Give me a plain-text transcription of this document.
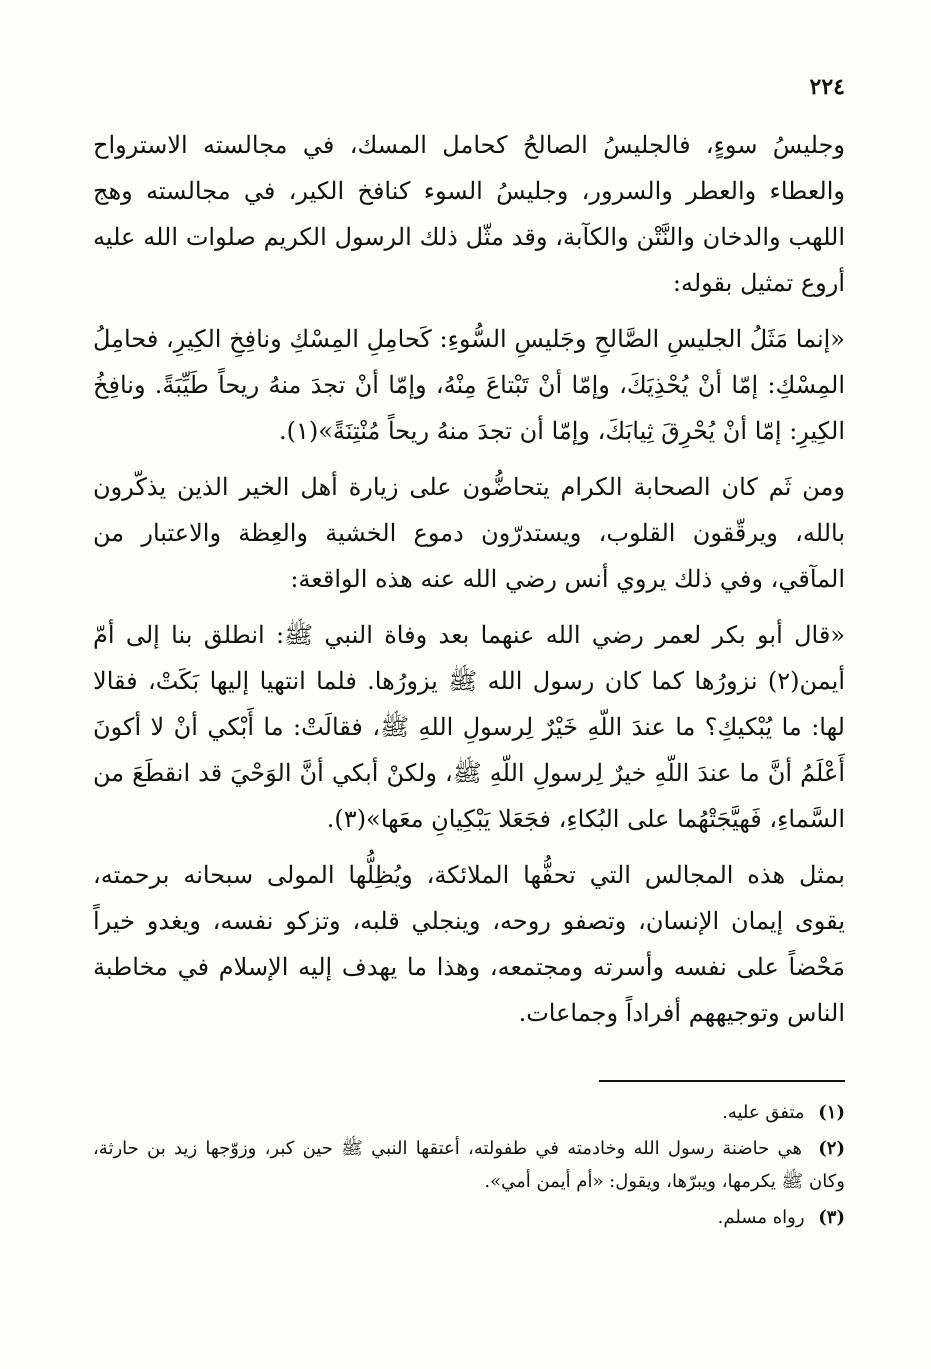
٢٢٤

وجليسُ سوءٍ، فالجليسُ الصالحُ كحامل المسك، في مجالسته الاسترواح والعطاء والعطر والسرور، وجليسُ السوء كنافخ الكير، في مجالسته وهج اللهب والدخان والنَّتْن والكآبة، وقد مثّل ذلك الرسول الكريم صلوات الله عليه أروع تمثيل بقوله:

«إنما مَثَلُ الجليسِ الصَّالحِ وجَليسِ السُّوءِ: كَحامِلِ المِسْكِ ونافِخِ الكِيرِ، فحامِلُ المِسْكِ: إمّا أنْ يُحْذِيَكَ، وإمّا أنْ تَبْتاعَ مِنْهُ، وإمّا أنْ تجدَ منهُ ريحاً طَيِّبَةً. ونافِخُ الكِيرِ: إمّا أنْ يُحْرِقَ ثِيابَكَ، وإمّا أن تجدَ منهُ ريحاً مُنْتِنَةً»(١).

ومن ثَم كان الصحابة الكرام يتحاضُّون على زيارة أهل الخير الذين يذكّرون بالله، ويرقّقون القلوب، ويستدرّون دموع الخشية والعِظة والاعتبار من المآقي، وفي ذلك يروي أنس رضي الله عنه هذه الواقعة:

«قال أبو بكر لعمر رضي الله عنهما بعد وفاة النبي ﷺ: انطلق بنا إلى أمّ أيمن(٢) نزورُها كما كان رسول الله ﷺ يزورُها. فلما انتهيا إليها بَكَتْ، فقالا لها: ما يُبْكيكِ؟ ما عندَ اللّهِ خَيْرٌ لِرسولِ اللهِ ﷺ، فقالَتْ: ما أَبْكي أنْ لا أكونَ أَعْلَمُ أنَّ ما عندَ اللّهِ خيرٌ لِرسولِ اللّهِ ﷺ، ولكنْ أبكي أنَّ الوَحْيَ قد انقطَعَ من السَّماءِ، فَهيَّجَتْهُما على البُكاءِ، فجَعَلا يَبْكِيانِ معَها»(٣).

بمثل هذه المجالس التي تحفُّها الملائكة، ويُظِلُّها المولى سبحانه برحمته، يقوى إيمان الإنسان، وتصفو روحه، وينجلي قلبه، وتزكو نفسه، ويغدو خيراً مَحْضاً على نفسه وأسرته ومجتمعه، وهذا ما يهدف إليه الإسلام في مخاطبة الناس وتوجيههم أفراداً وجماعات.

(١) متفق عليه.
(٢) هي حاضنة رسول الله وخادمته في طفولته، أعتقها النبي ﷺ حين كبر، وزوّجها زيد بن حارثة، وكان ﷺ يكرمها، ويبرّها، ويقول: «أم أيمن أمي».
(٣) رواه مسلم.
